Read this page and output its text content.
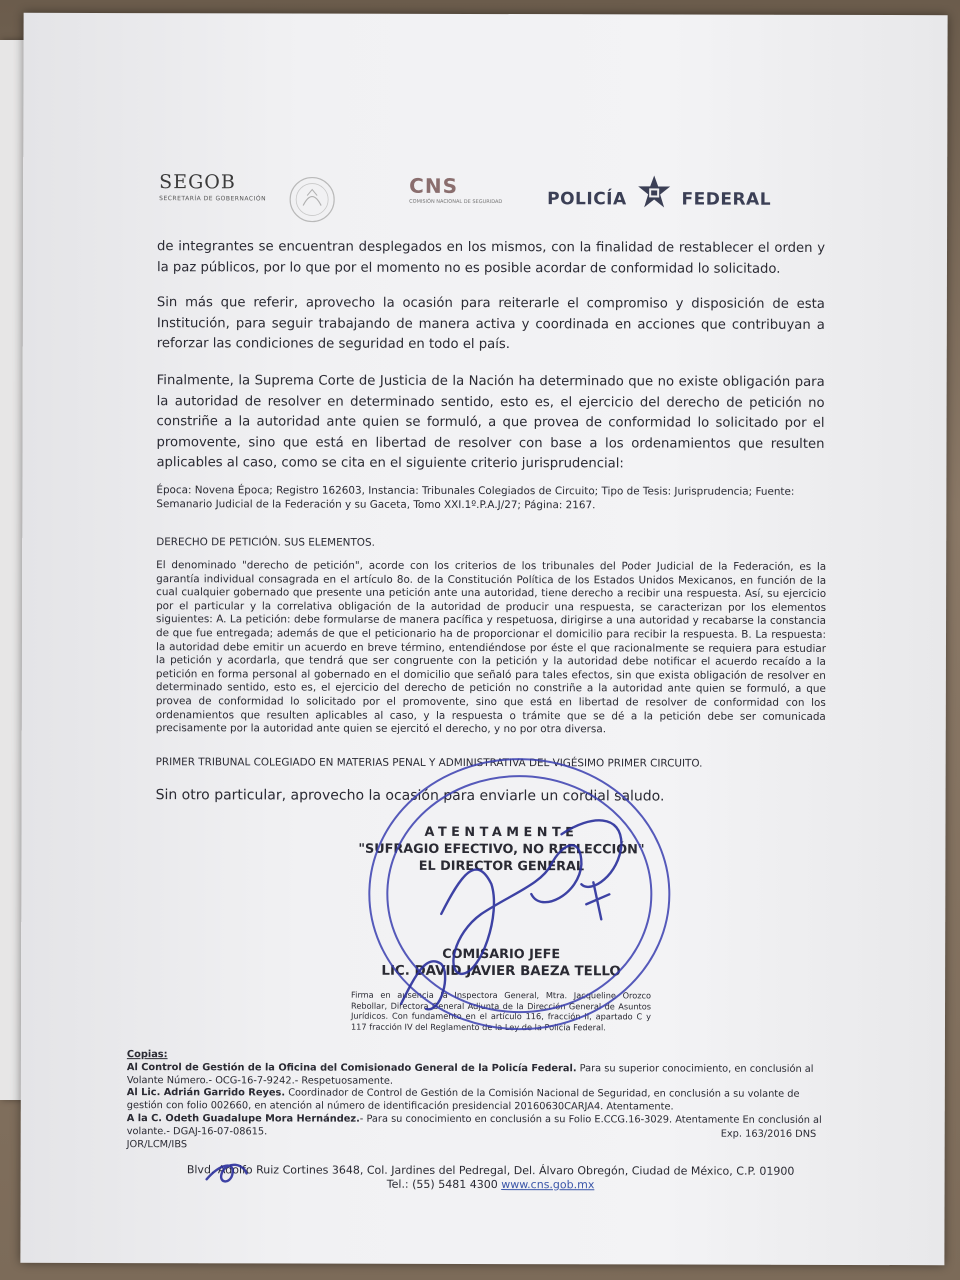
SEGOB
SECRETARÍA DE GOBERNACIÓN
CNS
COMISIÓN NACIONAL DE SEGURIDAD	POLICÍA	FEDERAL
de integrantes se encuentran desplegados en los mismos, con la finalidad de restablecer el orden y la paz públicos, por lo que por el momento no es posible acordar de conformidad lo solicitado.
Sin más que referir, aprovecho la ocasión para reiterarle el compromiso y disposición de esta Institución, para seguir trabajando de manera activa y coordinada en acciones que contribuyan a reforzar las condiciones de seguridad en todo el país.
Finalmente, la Suprema Corte de Justicia de la Nación ha determinado que no existe obligación para la autoridad de resolver en determinado sentido, esto es, el ejercicio del derecho de petición no constriñe a la autoridad ante quien se formuló, a que provea de conformidad lo solicitado por el promovente, sino que está en libertad de resolver con base a los ordenamientos que resulten aplicables al caso, como se cita en el siguiente criterio jurisprudencial:
Época: Novena Época; Registro 162603, Instancia: Tribunales Colegiados de Circuito; Tipo de Tesis: Jurisprudencia; Fuente: Semanario Judicial de la Federación y su Gaceta, Tomo XXI.1º.P.A.J/27; Página: 2167.
DERECHO DE PETICIÓN. SUS ELEMENTOS.
El denominado "derecho de petición", acorde con los criterios de los tribunales del Poder Judicial de la Federación, es la garantía individual consagrada en el artículo 8o. de la Constitución Política de los Estados Unidos Mexicanos, en función de la cual cualquier gobernado que presente una petición ante una autoridad, tiene derecho a recibir una respuesta. Así, su ejercicio por el particular y la correlativa obligación de la autoridad de producir una respuesta, se caracterizan por los elementos siguientes: A. La petición: debe formularse de manera pacífica y respetuosa, dirigirse a una autoridad y recabarse la constancia de que fue entregada; además de que el peticionario ha de proporcionar el domicilio para recibir la respuesta. B. La respuesta: la autoridad debe emitir un acuerdo en breve término, entendiéndose por éste el que racionalmente se requiera para estudiar la petición y acordarla, que tendrá que ser congruente con la petición y la autoridad debe notificar el acuerdo recaído a la petición en forma personal al gobernado en el domicilio que señaló para tales efectos, sin que exista obligación de resolver en determinado sentido, esto es, el ejercicio del derecho de petición no constriñe a la autoridad ante quien se formuló, a que provea de conformidad lo solicitado por el promovente, sino que está en libertad de resolver de conformidad con los ordenamientos que resulten aplicables al caso, y la respuesta o trámite que se dé a la petición debe ser comunicada precisamente por la autoridad ante quien se ejercitó el derecho, y no por otra diversa.
PRIMER TRIBUNAL COLEGIADO EN MATERIAS PENAL Y ADMINISTRATIVA DEL VIGÉSIMO PRIMER CIRCUITO.
Sin otro particular, aprovecho la ocasión para enviarle un cordial saludo.
ATENTAMENTE
"SUFRAGIO EFECTIVO, NO REELECCIÓN"
EL DIRECTOR GENERAL
COMISARIO JEFE
LIC. DAVID JAVIER BAEZA TELLO
Firma en ausencia la Inspectora General, Mtra. Jacqueline Orozco Rebollar, Directora General Adjunta de la Dirección General de Asuntos Jurídicos. Con fundamento en el artículo 116, fracción II, apartado C y 117 fracción IV del Reglamento de la Ley de la Policía Federal.
Copias:
Al Control de Gestión de la Oficina del Comisionado General de la Policía Federal. Para su superior conocimiento, en conclusión al Volante Número.- OCG-16-7-9242.- Respetuosamente.
Al Lic. Adrián Garrido Reyes. Coordinador de Control de Gestión de la Comisión Nacional de Seguridad, en conclusión a su volante de gestión con folio 002660, en atención al número de identificación presidencial 20160630CARJA4. Atentamente.
A la C. Odeth Guadalupe Mora Hernández.- Para su conocimiento en conclusión a su Folio E.CCG.16-3029. Atentamente En conclusión al volante.- DGAJ-16-07-08615.
JOR/LCM/IBS
Exp. 163/2016 DNS
Blvd. Adolfo Ruiz Cortines 3648, Col. Jardines del Pedregal, Del. Álvaro Obregón, Ciudad de México, C.P. 01900
Tel.: (55) 5481 4300 www.cns.gob.mx
